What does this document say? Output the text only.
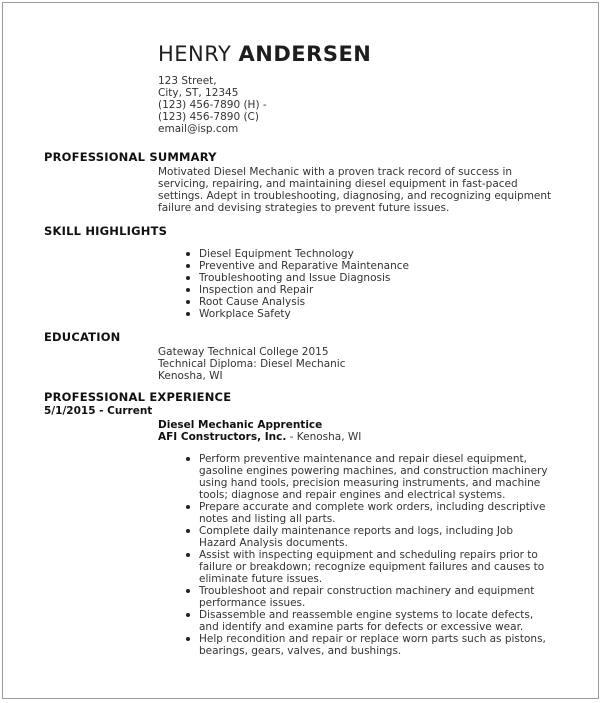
HENRY ANDERSEN
123 Street,
City, ST, 12345
(123) 456-7890 (H) -
(123) 456-7890 (C)
email@isp.com
PROFESSIONAL SUMMARY
Motivated Diesel Mechanic with a proven track record of success in
servicing, repairing, and maintaining diesel equipment in fast-paced
settings. Adept in troubleshooting, diagnosing, and recognizing equipment
failure and devising strategies to prevent future issues.
SKILL HIGHLIGHTS
Diesel Equipment Technology
Preventive and Reparative Maintenance
Troubleshooting and Issue Diagnosis
Inspection and Repair
Root Cause Analysis
Workplace Safety
EDUCATION
Gateway Technical College 2015
Technical Diploma: Diesel Mechanic
Kenosha, WI
PROFESSIONAL EXPERIENCE
5/1/2015 - Current
Diesel Mechanic Apprentice
AFI Constructors, Inc. - Kenosha, WI
Perform preventive maintenance and repair diesel equipment,
gasoline engines powering machines, and construction machinery
using hand tools, precision measuring instruments, and machine
tools; diagnose and repair engines and electrical systems.
Prepare accurate and complete work orders, including descriptive
notes and listing all parts.
Complete daily maintenance reports and logs, including Job
Hazard Analysis documents.
Assist with inspecting equipment and scheduling repairs prior to
failure or breakdown; recognize equipment failures and causes to
eliminate future issues.
Troubleshoot and repair construction machinery and equipment
performance issues.
Disassemble and reassemble engine systems to locate defects,
and identify and examine parts for defects or excessive wear.
Help recondition and repair or replace worn parts such as pistons,
bearings, gears, valves, and bushings.
